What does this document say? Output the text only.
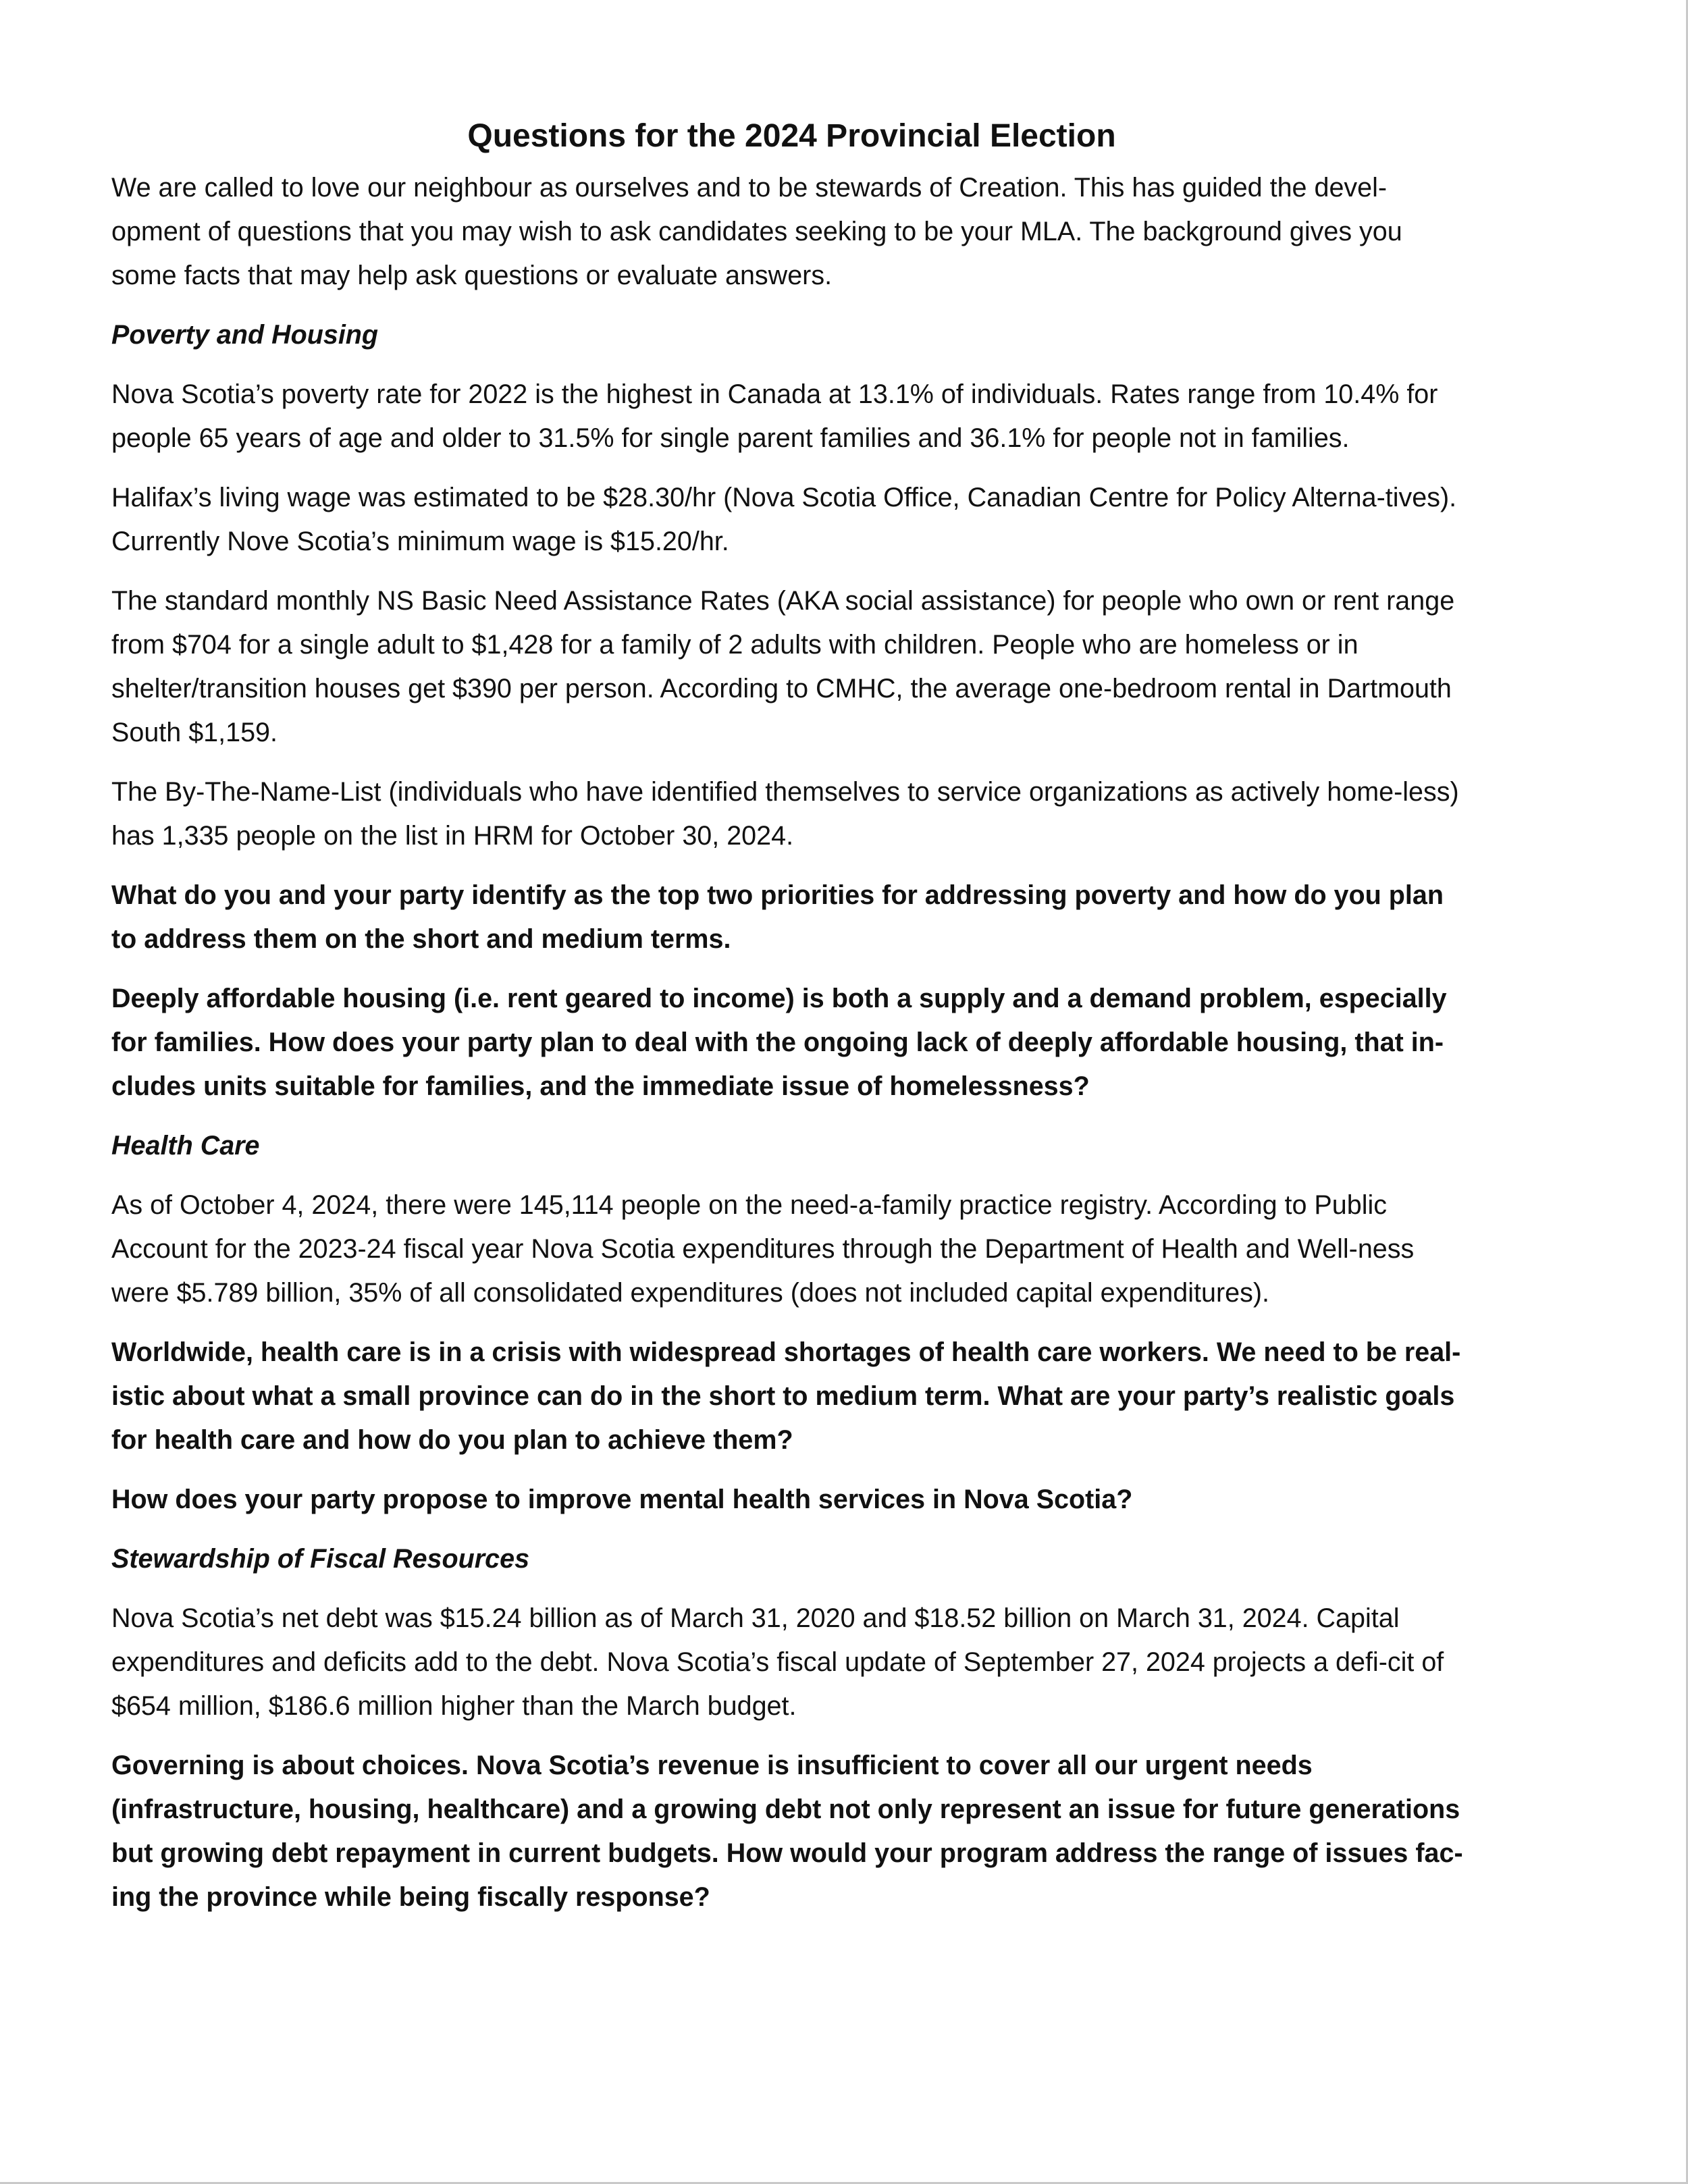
Questions for the 2024 Provincial Election

We are called to love our neighbour as ourselves and to be stewards of Creation. This has guided the devel-opment of questions that you may wish to ask candidates seeking to be your MLA. The background gives you some facts that may help ask questions or evaluate answers.

Poverty and Housing

Nova Scotia’s poverty rate for 2022 is the highest in Canada at 13.1% of individuals. Rates range from 10.4% for people 65 years of age and older to 31.5% for single parent families and 36.1% for people not in families.

Halifax’s living wage was estimated to be $28.30/hr (Nova Scotia Office, Canadian Centre for Policy Alterna-tives). Currently Nove Scotia’s minimum wage is $15.20/hr.

The standard monthly NS Basic Need Assistance Rates (AKA social assistance) for people who own or rent range from $704 for a single adult to $1,428 for a family of 2 adults with children. People who are homeless or in shelter/transition houses get $390 per person. According to CMHC, the average one-bedroom rental in Dartmouth South $1,159.

The By-The-Name-List (individuals who have identified themselves to service organizations as actively home-less) has 1,335 people on the list in HRM for October 30, 2024.

What do you and your party identify as the top two priorities for addressing poverty and how do you plan to address them on the short and medium terms.

Deeply affordable housing (i.e. rent geared to income) is both a supply and a demand problem, especially for families. How does your party plan to deal with the ongoing lack of deeply affordable housing, that in-cludes units suitable for families, and the immediate issue of homelessness?

Health Care

As of October 4, 2024, there were 145,114 people on the need-a-family practice registry. According to Public Account for the 2023-24 fiscal year Nova Scotia expenditures through the Department of Health and Well-ness were $5.789 billion, 35% of all consolidated expenditures (does not included capital expenditures).

Worldwide, health care is in a crisis with widespread shortages of health care workers. We need to be real-istic about what a small province can do in the short to medium term. What are your party’s realistic goals for health care and how do you plan to achieve them?

How does your party propose to improve mental health services in Nova Scotia?

Stewardship of Fiscal Resources

Nova Scotia’s net debt was $15.24 billion as of March 31, 2020 and $18.52 billion on March 31, 2024. Capital expenditures and deficits add to the debt. Nova Scotia’s fiscal update of September 27, 2024 projects a defi-cit of $654 million, $186.6 million higher than the March budget.

Governing is about choices. Nova Scotia’s revenue is insufficient to cover all our urgent needs (infrastructure, housing, healthcare) and a growing debt not only represent an issue for future generations but growing debt repayment in current budgets. How would your program address the range of issues fac-ing the province while being fiscally response?
